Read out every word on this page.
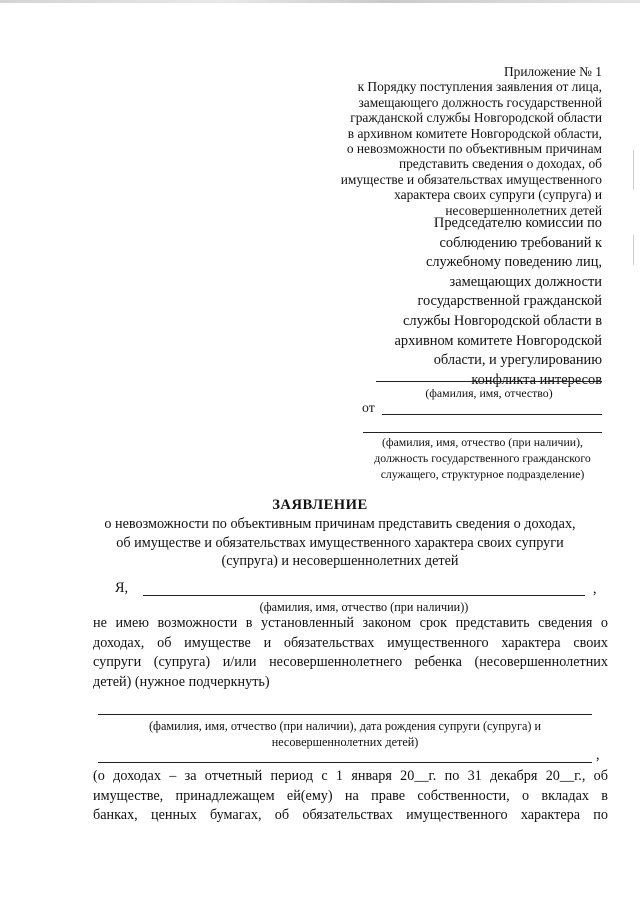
Приложение № 1
к Порядку поступления заявления от лица,
замещающего должность государственной
гражданской службы Новгородской области
в архивном комитете Новгородской области,
о невозможности по объективным причинам
представить сведения о доходах, об
имуществе и обязательствах имущественного
характера своих супруги (супруга) и
несовершеннолетних детей
Председателю комиссии по
соблюдению требований к
служебному поведению лиц,
замещающих должности
государственной гражданской
службы Новгородской области в
архивном комитете Новгородской
области, и урегулированию
конфликта интересов
(фамилия, имя, отчество)
от
(фамилия, имя, отчество (при наличии),
должность государственного гражданского
служащего, структурное подразделение)
ЗАЯВЛЕНИЕ
о невозможности по объективным причинам представить сведения о доходах,
об имуществе и обязательствах имущественного характера своих супруги
(супруга) и несовершеннолетних детей
Я,	,
(фамилия, имя, отчество (при наличии))
не имею возможности в установленный законом срок представить сведения о
доходах, об имуществе и обязательствах имущественного характера своих
супруги (супруга) и/или несовершеннолетнего ребенка (несовершеннолетних
детей) (нужное подчеркнуть)
(фамилия, имя, отчество (при наличии), дата рождения супруги (супруга) и
несовершеннолетних детей)
,
(о доходах – за отчетный период с 1 января 20__г. по 31 декабря 20__г., об
имуществе, принадлежащем ей(ему) на праве собственности, о вкладах в
банках, ценных бумагах, об обязательствах имущественного характера по
